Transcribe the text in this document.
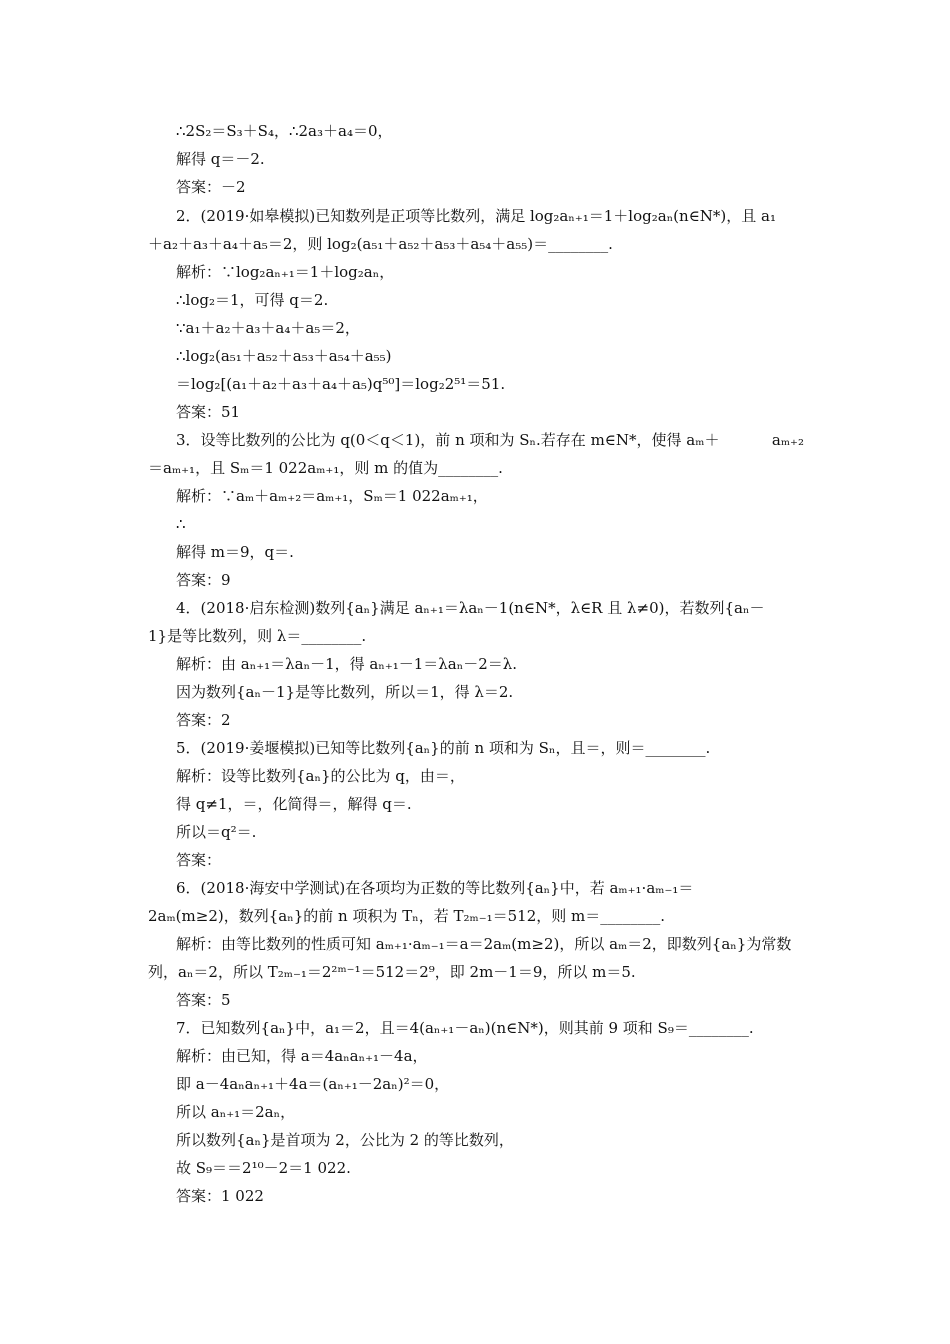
∴2S₂＝S₃＋S₄，∴2a₃＋a₄＝0，
解得 q＝－2.
答案：－2
2．(2019·如皋模拟)已知数列是正项等比数列，满足 log₂aₙ₊₁＝1＋log₂aₙ(n∈N*)，且 a₁
＋a₂＋a₃＋a₄＋a₅＝2，则 log₂(a₅₁＋a₅₂＋a₅₃＋a₅₄＋a₅₅)＝________.
解析：∵log₂aₙ₊₁＝1＋log₂aₙ，
∴log₂＝1，可得 q＝2.
∵a₁＋a₂＋a₃＋a₄＋a₅＝2，
∴log₂(a₅₁＋a₅₂＋a₅₃＋a₅₄＋a₅₅)
＝log₂[(a₁＋a₂＋a₃＋a₄＋a₅)q⁵⁰]＝log₂2⁵¹＝51.
答案：51
3．设等比数列的公比为 q(0＜q＜1)，前 n 项和为 Sₙ.若存在 m∈N*，使得 aₘ＋           aₘ₊₂
＝aₘ₊₁，且 Sₘ＝1 022aₘ₊₁，则 m 的值为________.
解析：∵aₘ＋aₘ₊₂＝aₘ₊₁，Sₘ＝1 022aₘ₊₁，
∴
解得 m＝9，q＝.
答案：9
4．(2018·启东检测)数列{aₙ}满足 aₙ₊₁＝λaₙ－1(n∈N*，λ∈R 且 λ≠0)，若数列{aₙ－
1}是等比数列，则 λ＝________.
解析：由 aₙ₊₁＝λaₙ－1，得 aₙ₊₁－1＝λaₙ－2＝λ.
因为数列{aₙ－1}是等比数列，所以＝1，得 λ＝2.
答案：2
5．(2019·姜堰模拟)已知等比数列{aₙ}的前 n 项和为 Sₙ，且＝，则＝________.
解析：设等比数列{aₙ}的公比为 q，由＝，
得 q≠1，＝，化简得＝，解得 q＝.
所以＝q²＝.
答案：
6．(2018·海安中学测试)在各项均为正数的等比数列{aₙ}中，若 aₘ₊₁·aₘ₋₁＝
2aₘ(m≥2)，数列{aₙ}的前 n 项积为 Tₙ，若 T₂ₘ₋₁＝512，则 m＝________.
解析：由等比数列的性质可知 aₘ₊₁·aₘ₋₁＝a＝2aₘ(m≥2)，所以 aₘ＝2，即数列{aₙ}为常数
列，aₙ＝2，所以 T₂ₘ₋₁＝2²ᵐ⁻¹＝512＝2⁹，即 2m－1＝9，所以 m＝5.
答案：5
7．已知数列{aₙ}中，a₁＝2，且＝4(aₙ₊₁－aₙ)(n∈N*)，则其前 9 项和 S₉＝________.
解析：由已知，得 a＝4aₙaₙ₊₁－4a，
即 a－4aₙaₙ₊₁＋4a＝(aₙ₊₁－2aₙ)²＝0，
所以 aₙ₊₁＝2aₙ，
所以数列{aₙ}是首项为 2，公比为 2 的等比数列，
故 S₉＝＝2¹⁰－2＝1 022.
答案：1 022
